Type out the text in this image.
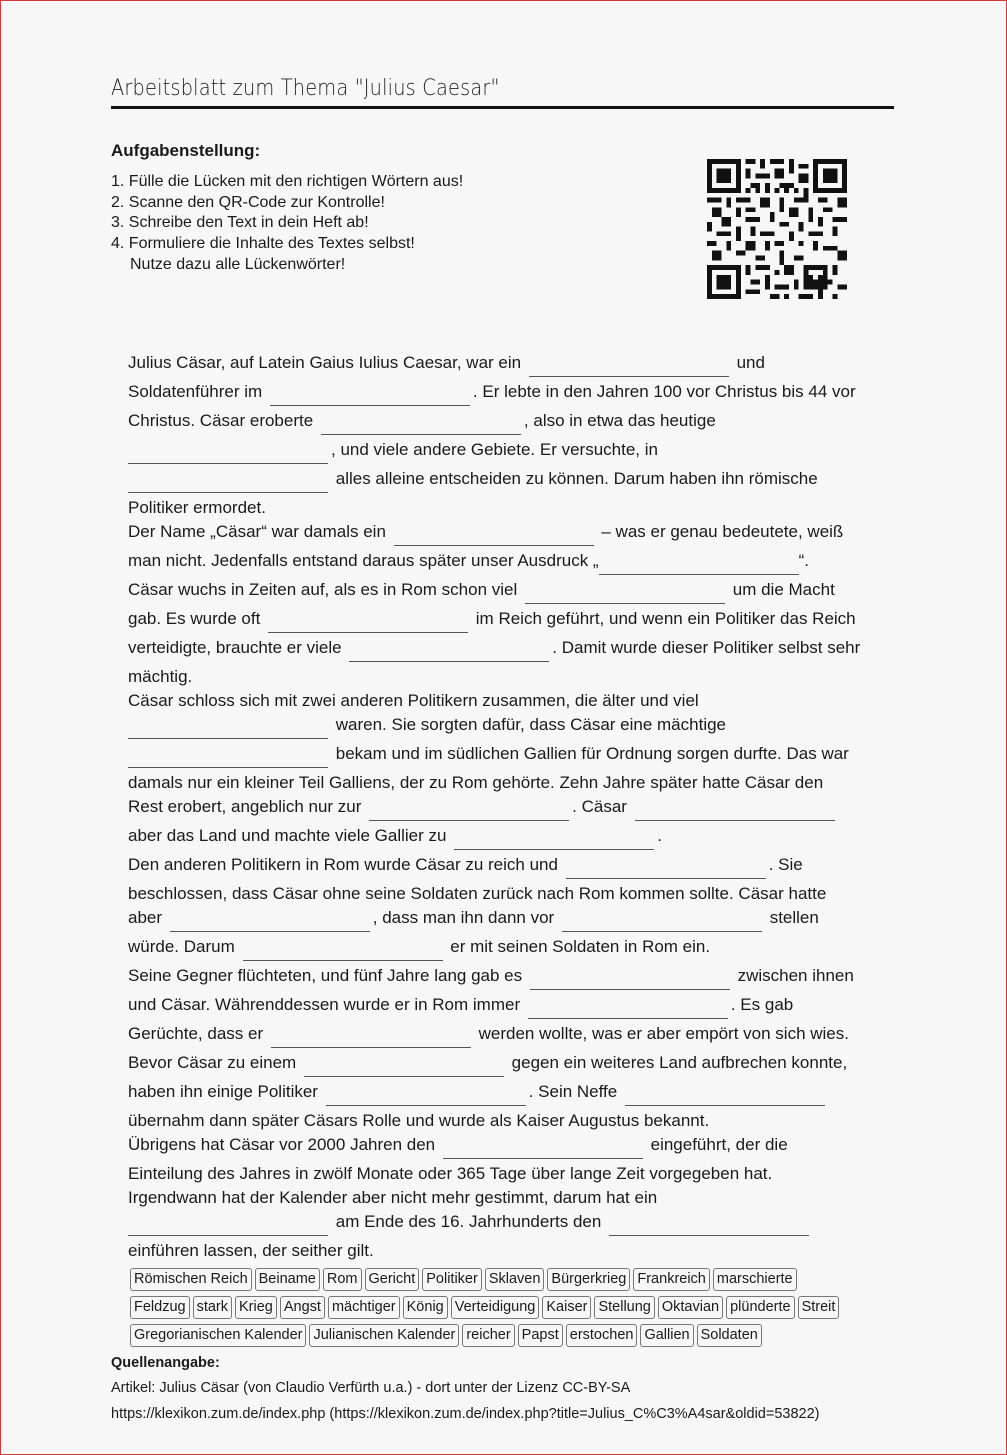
Arbeitsblatt zum Thema "Julius Caesar"
Aufgabenstellung:
1. Fülle die Lücken mit den richtigen Wörtern aus!
2. Scanne den QR-Code zur Kontrolle!
3. Schreibe den Text in dein Heft ab!
4. Formuliere die Inhalte des Textes selbst!
Nutze dazu alle Lückenwörter!
Julius Cäsar, auf Latein Gaius Iulius Caesar, war ein	und
Soldatenführer im	. Er lebte in den Jahren 100 vor Christus bis 44 vor
Christus. Cäsar eroberte	, also in etwa das heutige
, und viele andere Gebiete. Er versuchte, in
alles alleine entscheiden zu können. Darum haben ihn römische
Politiker ermordet.
Der Name „Cäsar“ war damals ein	– was er genau bedeutete, weiß
man nicht. Jedenfalls entstand daraus später unser Ausdruck „	“.
Cäsar wuchs in Zeiten auf, als es in Rom schon viel	um die Macht
gab. Es wurde oft	im Reich geführt, und wenn ein Politiker das Reich
verteidigte, brauchte er viele	. Damit wurde dieser Politiker selbst sehr
mächtig.
Cäsar schloss sich mit zwei anderen Politikern zusammen, die älter und viel
waren. Sie sorgten dafür, dass Cäsar eine mächtige
bekam und im südlichen Gallien für Ordnung sorgen durfte. Das war
damals nur ein kleiner Teil Galliens, der zu Rom gehörte. Zehn Jahre später hatte Cäsar den
Rest erobert, angeblich nur zur	. Cäsar
aber das Land und machte viele Gallier zu	.
Den anderen Politikern in Rom wurde Cäsar zu reich und	. Sie
beschlossen, dass Cäsar ohne seine Soldaten zurück nach Rom kommen sollte. Cäsar hatte
aber	, dass man ihn dann vor	stellen
würde. Darum	er mit seinen Soldaten in Rom ein.
Seine Gegner flüchteten, und fünf Jahre lang gab es	zwischen ihnen
und Cäsar. Währenddessen wurde er in Rom immer	. Es gab
Gerüchte, dass er	werden wollte, was er aber empört von sich wies.
Bevor Cäsar zu einem	gegen ein weiteres Land aufbrechen konnte,
haben ihn einige Politiker	. Sein Neffe
übernahm dann später Cäsars Rolle und wurde als Kaiser Augustus bekannt.
Übrigens hat Cäsar vor 2000 Jahren den	eingeführt, der die
Einteilung des Jahres in zwölf Monate oder 365 Tage über lange Zeit vorgegeben hat.
Irgendwann hat der Kalender aber nicht mehr gestimmt, darum hat ein
am Ende des 16. Jahrhunderts den
einführen lassen, der seither gilt.
Römischen Reich Beiname Rom Gericht Politiker Sklaven Bürgerkrieg Frankreich marschierte
Feldzug stark Krieg Angst mächtiger König Verteidigung Kaiser Stellung Oktavian plünderte Streit
Gregorianischen Kalender Julianischen Kalender reicher Papst erstochen Gallien Soldaten
Quellenangabe:
Artikel: Julius Cäsar (von Claudio Verfürth u.a.) - dort unter der Lizenz CC-BY-SA
https://klexikon.zum.de/index.php (https://klexikon.zum.de/index.php?title=Julius_C%C3%A4sar&oldid=53822)
